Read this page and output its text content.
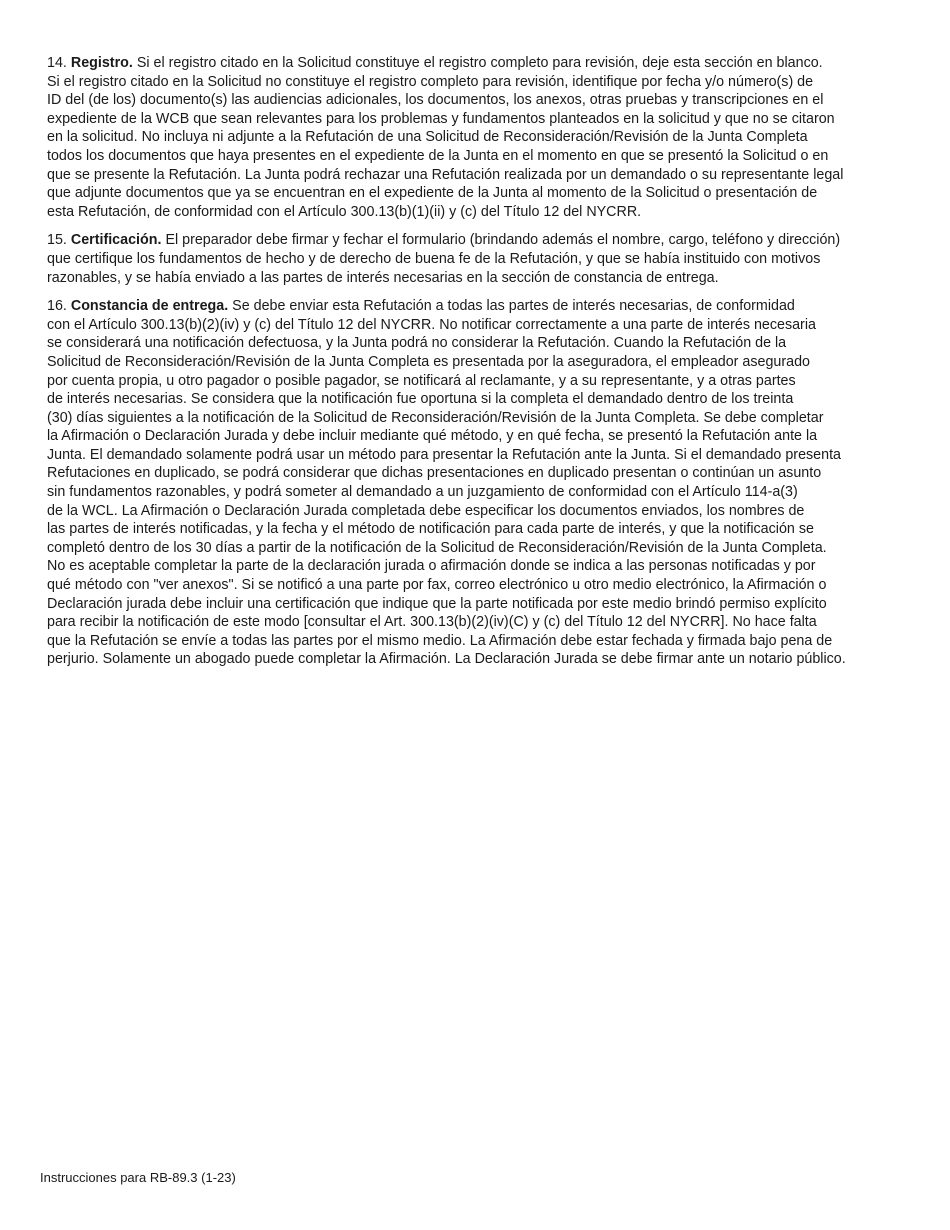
14. Registro. Si el registro citado en la Solicitud constituye el registro completo para revisión, deje esta sección en blanco.
Si el registro citado en la Solicitud no constituye el registro completo para revisión, identifique por fecha y/o número(s) de
ID del (de los) documento(s) las audiencias adicionales, los documentos, los anexos, otras pruebas y transcripciones en el
expediente de la WCB que sean relevantes para los problemas y fundamentos planteados en la solicitud y que no se citaron
en la solicitud. No incluya ni adjunte a la Refutación de una Solicitud de Reconsideración/Revisión de la Junta Completa
todos los documentos que haya presentes en el expediente de la Junta en el momento en que se presentó la Solicitud o en
que se presente la Refutación. La Junta podrá rechazar una Refutación realizada por un demandado o su representante legal
que adjunte documentos que ya se encuentran en el expediente de la Junta al momento de la Solicitud o presentación de
esta Refutación, de conformidad con el Artículo 300.13(b)(1)(ii) y (c) del Título 12 del NYCRR.
15. Certificación. El preparador debe firmar y fechar el formulario (brindando además el nombre, cargo, teléfono y dirección)
que certifique los fundamentos de hecho y de derecho de buena fe de la Refutación, y que se había instituido con motivos
razonables, y se había enviado a las partes de interés necesarias en la sección de constancia de entrega.
16. Constancia de entrega. Se debe enviar esta Refutación a todas las partes de interés necesarias, de conformidad
con el Artículo 300.13(b)(2)(iv) y (c) del Título 12 del NYCRR. No notificar correctamente a una parte de interés necesaria
se considerará una notificación defectuosa, y la Junta podrá no considerar la Refutación. Cuando la Refutación de la
Solicitud de Reconsideración/Revisión de la Junta Completa es presentada por la aseguradora, el empleador asegurado
por cuenta propia, u otro pagador o posible pagador, se notificará al reclamante, y a su representante, y a otras partes
de interés necesarias. Se considera que la notificación fue oportuna si la completa el demandado dentro de los treinta
(30) días siguientes a la notificación de la Solicitud de Reconsideración/Revisión de la Junta Completa. Se debe completar
la Afirmación o Declaración Jurada y debe incluir mediante qué método, y en qué fecha, se presentó la Refutación ante la
Junta. El demandado solamente podrá usar un método para presentar la Refutación ante la Junta. Si el demandado presenta
Refutaciones en duplicado, se podrá considerar que dichas presentaciones en duplicado presentan o continúan un asunto
sin fundamentos razonables, y podrá someter al demandado a un juzgamiento de conformidad con el Artículo 114-a(3)
de la WCL. La Afirmación o Declaración Jurada completada debe especificar los documentos enviados, los nombres de
las partes de interés notificadas, y la fecha y el método de notificación para cada parte de interés, y que la notificación se
completó dentro de los 30 días a partir de la notificación de la Solicitud de Reconsideración/Revisión de la Junta Completa.
No es aceptable completar la parte de la declaración jurada o afirmación donde se indica a las personas notificadas y por
qué método con "ver anexos". Si se notificó a una parte por fax, correo electrónico u otro medio electrónico, la Afirmación o
Declaración jurada debe incluir una certificación que indique que la parte notificada por este medio brindó permiso explícito
para recibir la notificación de este modo [consultar el Art. 300.13(b)(2)(iv)(C) y (c) del Título 12 del NYCRR]. No hace falta
que la Refutación se envíe a todas las partes por el mismo medio. La Afirmación debe estar fechada y firmada bajo pena de
perjurio. Solamente un abogado puede completar la Afirmación. La Declaración Jurada se debe firmar ante un notario público.
Instrucciones para RB-89.3 (1-23)
